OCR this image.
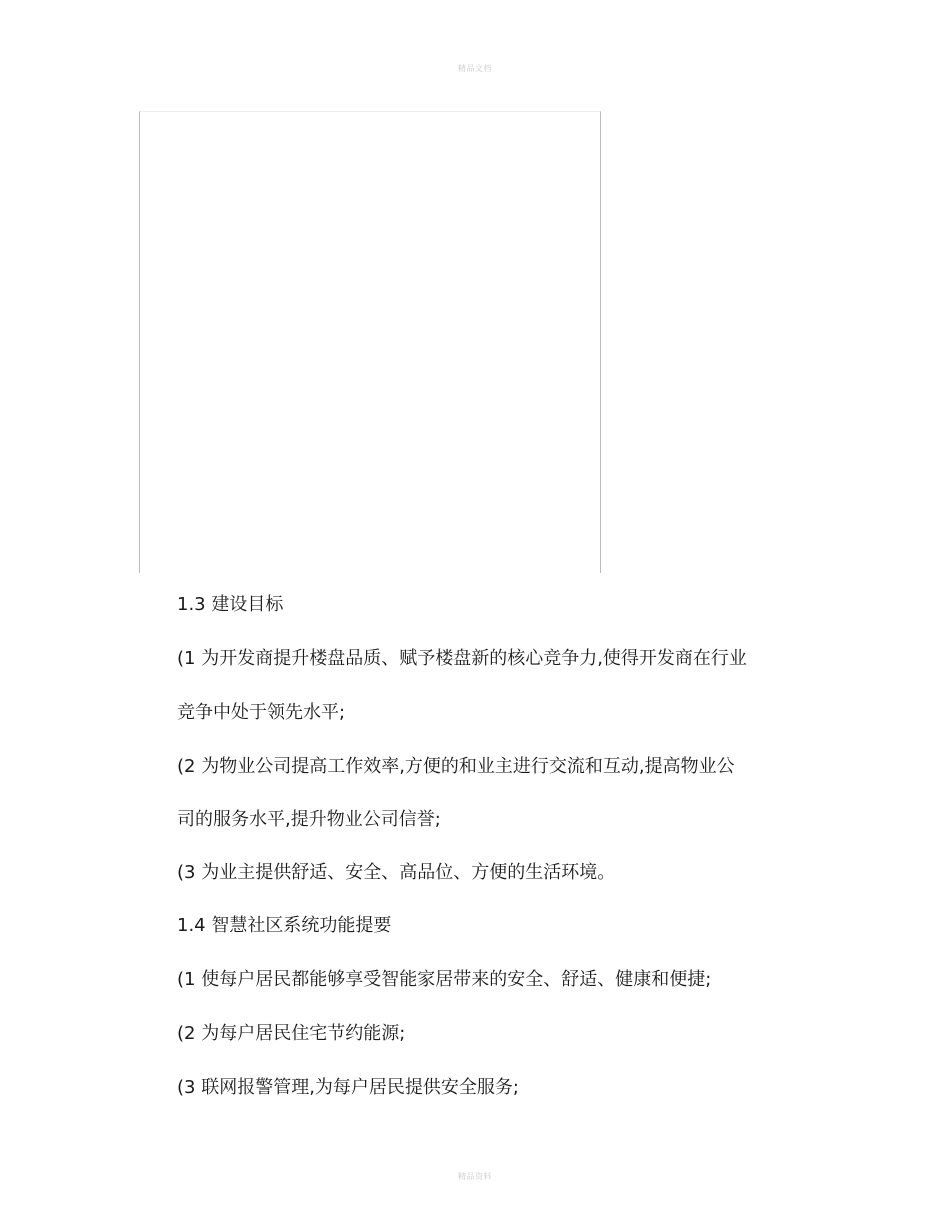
精品文档
1.3 建设目标
(1 为开发商提升楼盘品质、赋予楼盘新的核心竞争力,使得开发商在行业
竞争中处于领先水平;
(2 为物业公司提高工作效率,方便的和业主进行交流和互动,提高物业公
司的服务水平,提升物业公司信誉;
(3 为业主提供舒适、安全、高品位、方便的生活环境。
1.4 智慧社区系统功能提要
(1 使每户居民都能够享受智能家居带来的安全、舒适、健康和便捷;
(2 为每户居民住宅节约能源;
(3 联网报警管理,为每户居民提供安全服务;
精品资料
